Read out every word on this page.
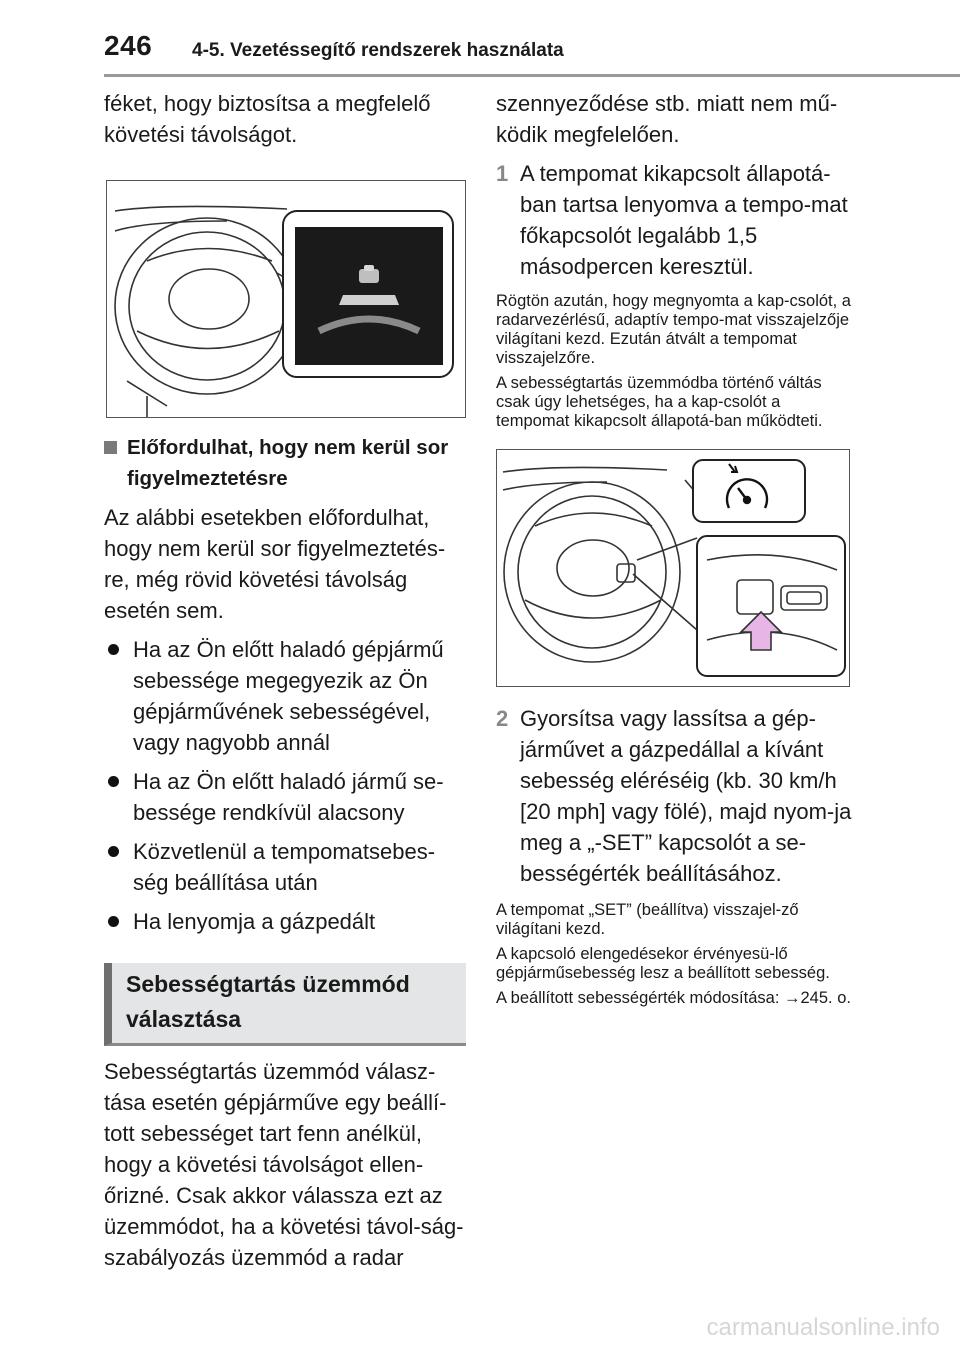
246 4-5. Vezetéssegítő rendszerek használata

féket, hogy biztosítsa a megfelelő követési távolságot.

Előfordulhat, hogy nem kerül sor figyelmeztetésre

Az alábbi esetekben előfordulhat, hogy nem kerül sor figyelmeztetés-re, még rövid követési távolság esetén sem.

Ha az Ön előtt haladó gépjármű sebessége megegyezik az Ön gépjárművének sebességével, vagy nagyobb annál
Ha az Ön előtt haladó jármű se-bessége rendkívül alacsony
Közvetlenül a tempomatsebes-ség beállítása után
Ha lenyomja a gázpedált
Sebességtartás üzemmód választása

Sebességtartás üzemmód válasz-tása esetén gépjárműve egy beállí-tott sebességet tart fenn anélkül, hogy a követési távolságot ellen-őrizné. Csak akkor válassza ezt az üzemmódot, ha a követési távol-ság-szabályozás üzemmód a radar

szennyeződése stb. miatt nem mű-ködik megfelelően.

1 A tempomat kikapcsolt állapotá-ban tartsa lenyomva a tempo-mat főkapcsolót legalább 1,5 másodpercen keresztül.

Rögtön azután, hogy megnyomta a kap-csolót, a radarvezérlésű, adaptív tempo-mat visszajelzője világítani kezd. Ezután átvált a tempomat visszajelzőre.

A sebességtartás üzemmódba történő váltás csak úgy lehetséges, ha a kap-csolót a tempomat kikapcsolt állapotá-ban működteti.

2 Gyorsítsa vagy lassítsa a gép-járművet a gázpedállal a kívánt sebesség eléréséig (kb. 30 km/h [20 mph] vagy fölé), majd nyom-ja meg a „-SET” kapcsolót a se-bességérték beállításához.

A tempomat „SET” (beállítva) visszajel-ző világítani kezd.

A kapcsoló elengedésekor érvényesü-lő gépjárműsebesség lesz a beállított sebesség.

A beállított sebességérték módosítása: →245. o.

carmanualsonline.info
